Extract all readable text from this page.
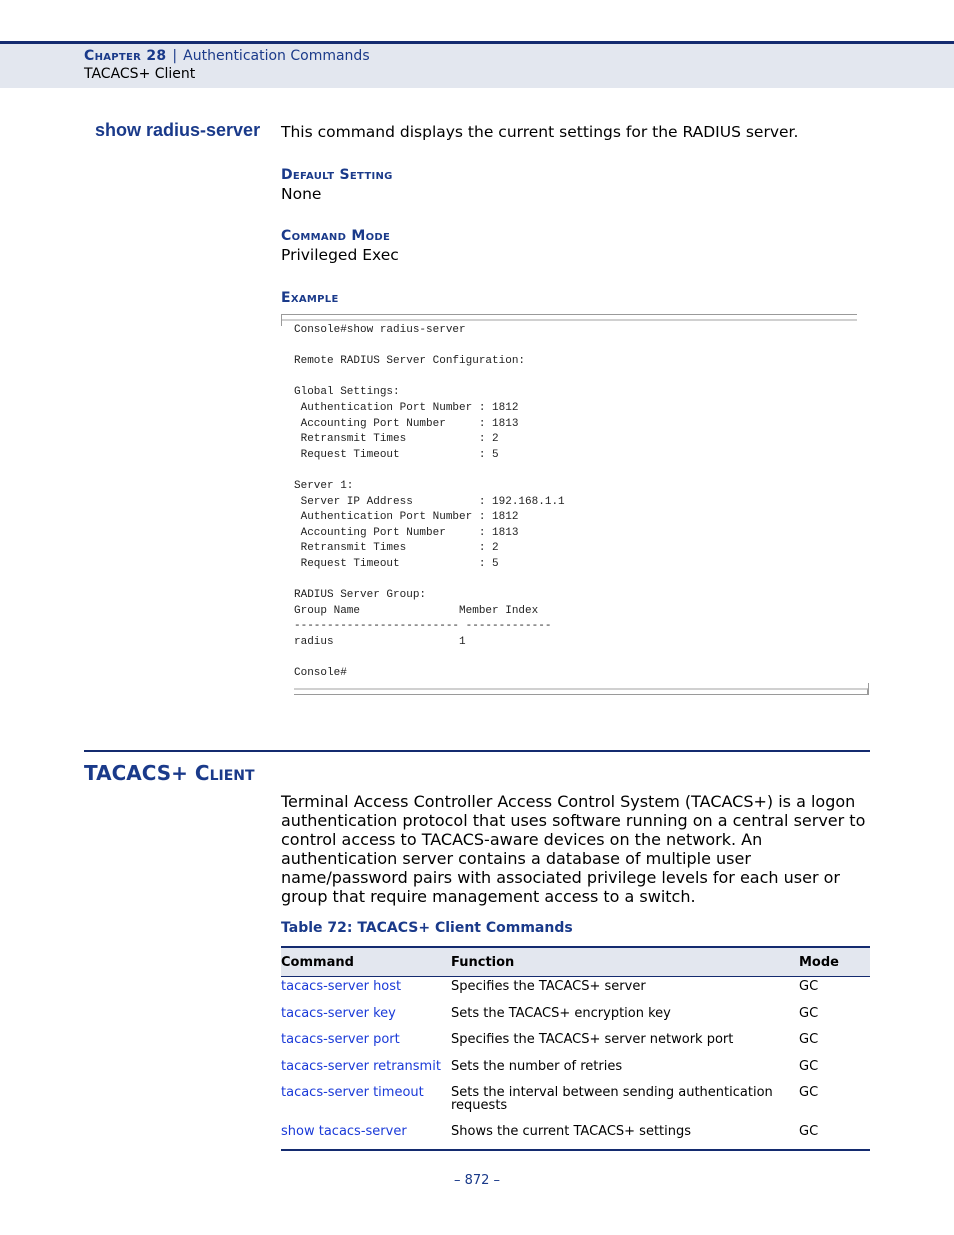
Chapter 28 | Authentication Commands
TACACS+ Client
show radius-server This command displays the current settings for the RADIUS server.
Default Setting
None
Command Mode
Privileged Exec
Example
Console#show radius-server

Remote RADIUS Server Configuration:

Global Settings:
Authentication Port Number : 1812
Accounting Port Number     : 1813
Retransmit Times           : 2
Request Timeout            : 5

Server 1:
Server IP Address          : 192.168.1.1
Authentication Port Number : 1812
Accounting Port Number     : 1813
Retransmit Times           : 2
Request Timeout            : 5

RADIUS Server Group:
Group Name               Member Index
------------------------- -------------
radius                   1

Console#
TACACS+ Client
Terminal Access Controller Access Control System (TACACS+) is a logon authentication protocol that uses software running on a central server to control access to TACACS-aware devices on the network. An authentication server contains a database of multiple user name/password pairs with associated privilege levels for each user or group that require management access to a switch.
Table 72: TACACS+ Client Commands
Command	Function	Mode
tacacs-server host	Specifies the TACACS+ server	GC
tacacs-server key	Sets the TACACS+ encryption key	GC
tacacs-server port	Specifies the TACACS+ server network port	GC
tacacs-server retransmit	Sets the number of retries	GC
tacacs-server timeout	Sets the interval between sending authentication requests	GC
show tacacs-server	Shows the current TACACS+ settings	GC
– 872 –
